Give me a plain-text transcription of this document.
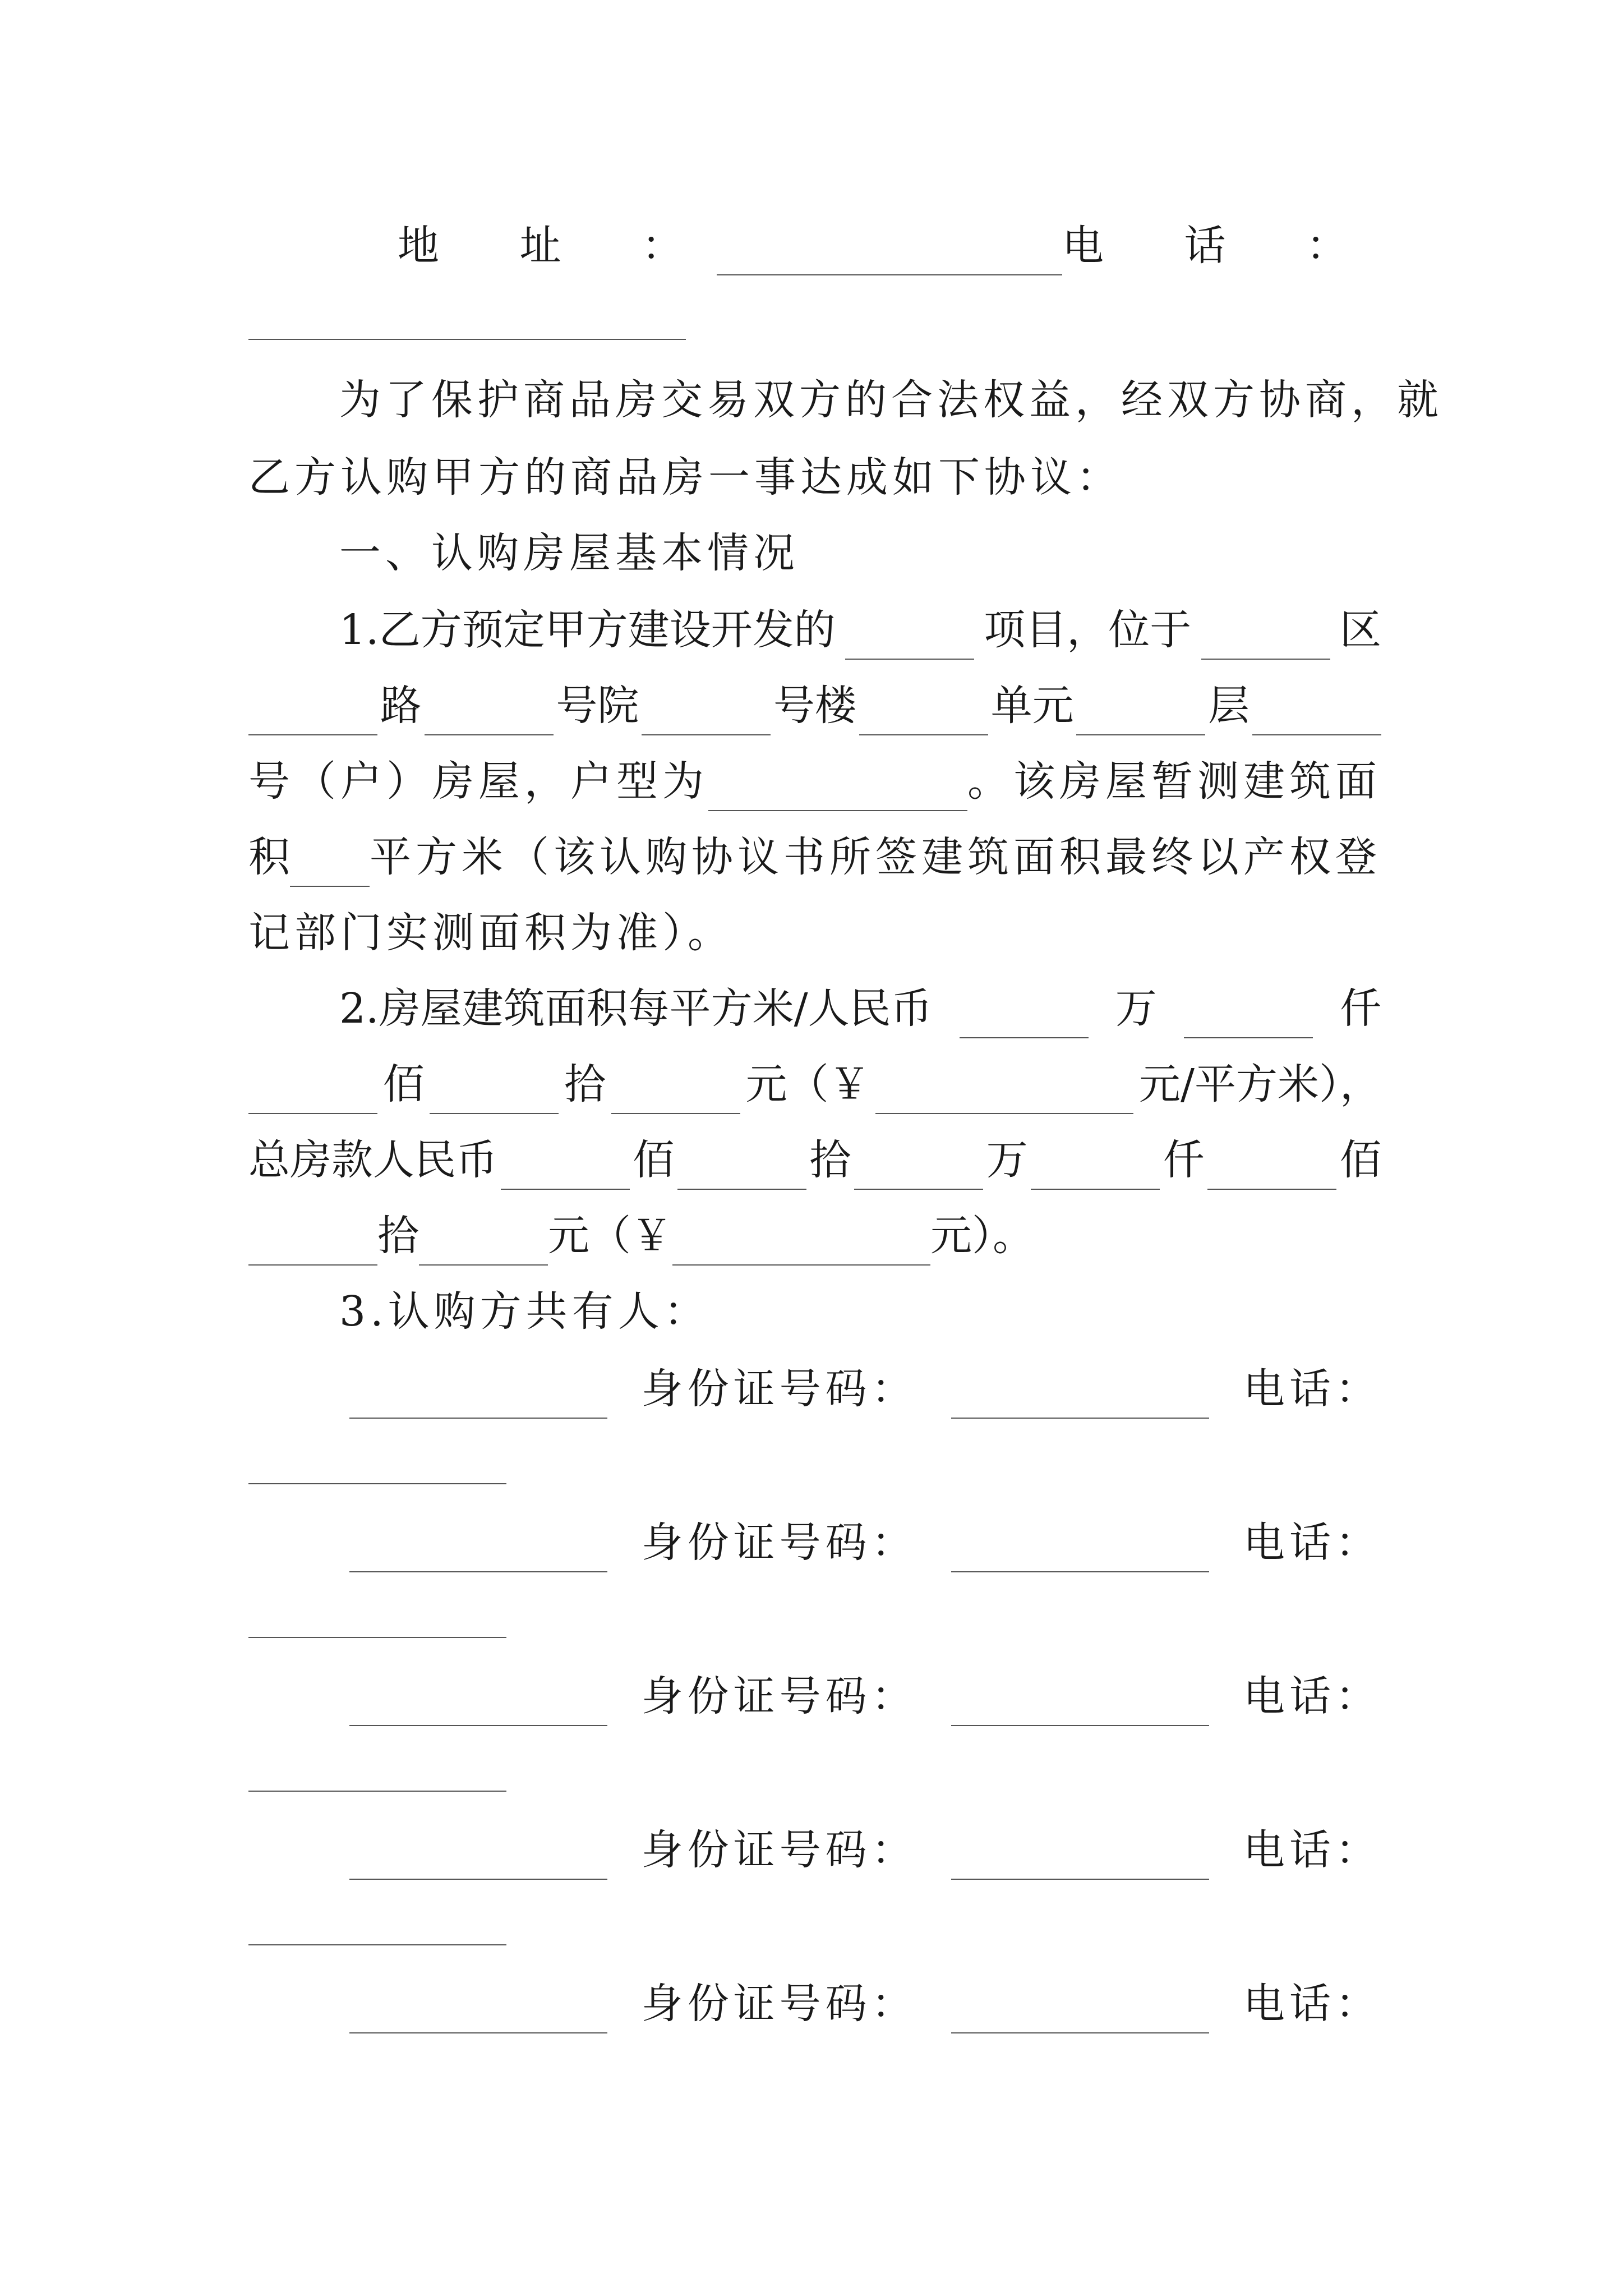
地 址 ：	电 话 ：
为了保护商品房交易双方的合法权益，经双方协商，就
乙方认购甲方的商品房一事达成如下协议：
一、认购房屋基本情况
1.乙方预定甲方建设开发的	项目，位于	区
路	号院	号楼	单元	层
号（户）房屋，户型为	。该房屋暂测建筑面
积 平方米（该认购协议书所签建筑面积最终以产权登
记部门实测面积为准）。
2.房屋建筑面积每平方米/人民币	万	仟
佰	拾	元（￥	元/平方米），
总房款人民币	佰	拾	万	仟	佰
拾	元（￥	元）。
3.认购方共有人：
身份证号码：	电话：
身份证号码：	电话：
身份证号码：	电话：
身份证号码：	电话：
身份证号码：	电话：
